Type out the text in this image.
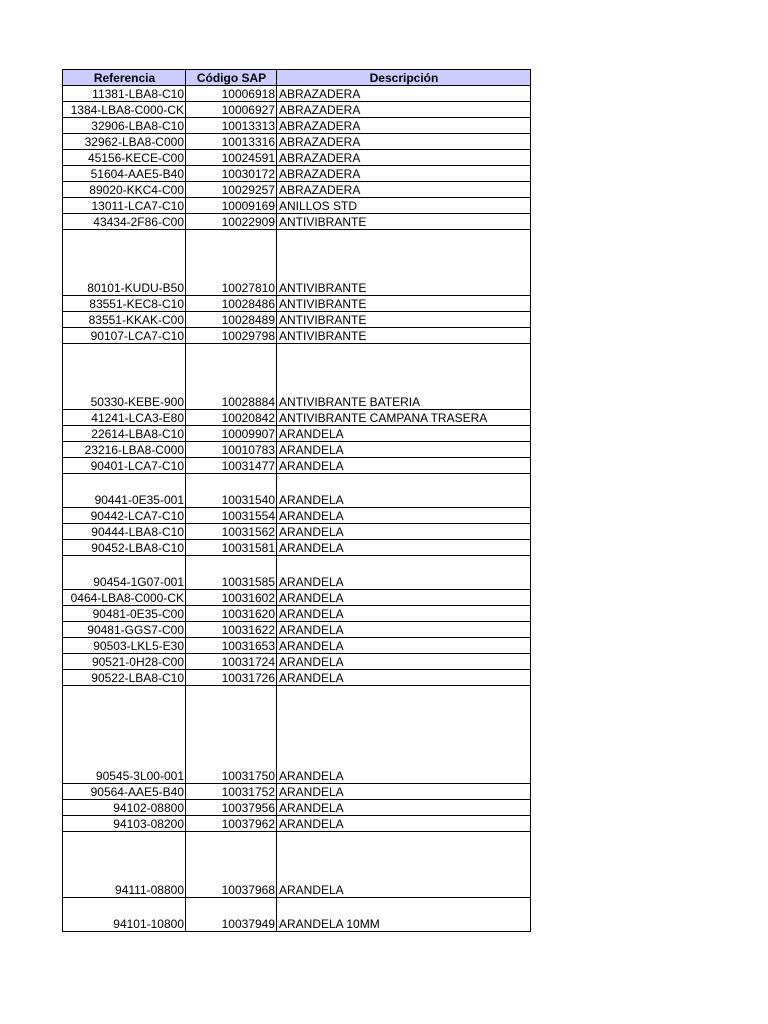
Referencia	Código SAP	Descripción
11381-LBA8-C10	10006918	ABRAZADERA
1384-LBA8-C000-CK	10006927	ABRAZADERA
32906-LBA8-C10	10013313	ABRAZADERA
32962-LBA8-C000	10013316	ABRAZADERA
45156-KECE-C00	10024591	ABRAZADERA
51604-AAE5-B40	10030172	ABRAZADERA
89020-KKC4-C00	10029257	ABRAZADERA
13011-LCA7-C10	10009169	ANILLOS STD
43434-2F86-C00	10022909	ANTIVIBRANTE
80101-KUDU-B50	10027810	ANTIVIBRANTE
83551-KEC8-C10	10028486	ANTIVIBRANTE
83551-KKAK-C00	10028489	ANTIVIBRANTE
90107-LCA7-C10	10029798	ANTIVIBRANTE
50330-KEBE-900	10028884	ANTIVIBRANTE BATERIA
41241-LCA3-E80	10020842	ANTIVIBRANTE CAMPANA TRASERA
22614-LBA8-C10	10009907	ARANDELA
23216-LBA8-C000	10010783	ARANDELA
90401-LCA7-C10	10031477	ARANDELA
90441-0E35-001	10031540	ARANDELA
90442-LCA7-C10	10031554	ARANDELA
90444-LBA8-C10	10031562	ARANDELA
90452-LBA8-C10	10031581	ARANDELA
90454-1G07-001	10031585	ARANDELA
0464-LBA8-C000-CK	10031602	ARANDELA
90481-0E35-C00	10031620	ARANDELA
90481-GGS7-C00	10031622	ARANDELA
90503-LKL5-E30	10031653	ARANDELA
90521-0H28-C00	10031724	ARANDELA
90522-LBA8-C10	10031726	ARANDELA
90545-3L00-001	10031750	ARANDELA
90564-AAE5-B40	10031752	ARANDELA
94102-08800	10037956	ARANDELA
94103-08200	10037962	ARANDELA
94111-08800	10037968	ARANDELA
94101-10800	10037949	ARANDELA 10MM
